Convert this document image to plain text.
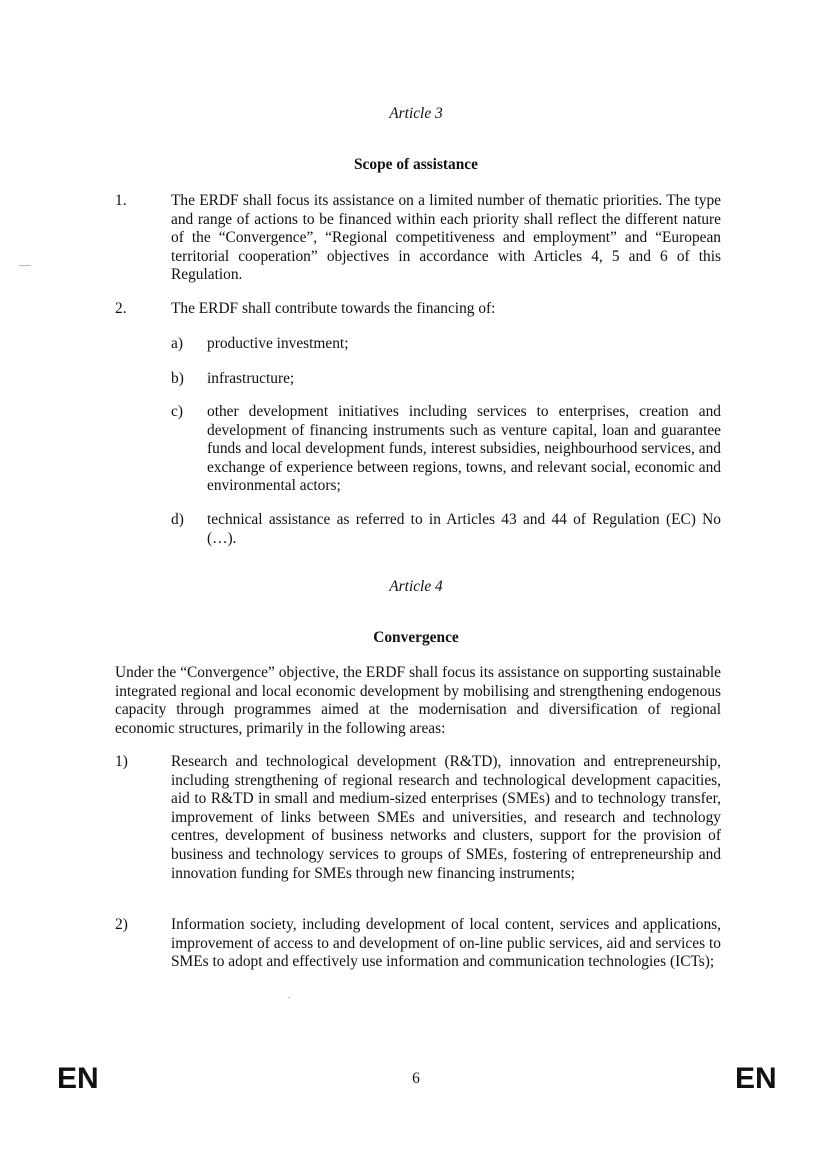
Article 3
Scope of assistance
1.	The ERDF shall focus its assistance on a limited number of thematic priorities. The type and range of actions to be financed within each priority shall reflect the different nature of the “Convergence”, “Regional competitiveness and employment” and “European territorial cooperation” objectives in accordance with Articles 4, 5 and 6 of this Regulation.
2.	The ERDF shall contribute towards the financing of:
a) productive investment;
b) infrastructure;
c) other development initiatives including services to enterprises, creation and development of financing instruments such as venture capital, loan and guarantee funds and local development funds, interest subsidies, neighbourhood services, and exchange of experience between regions, towns, and relevant social, economic and environmental actors;
d) technical assistance as referred to in Articles 43 and 44 of Regulation (EC) No (…).
Article 4
Convergence
Under the “Convergence” objective, the ERDF shall focus its assistance on supporting sustainable integrated regional and local economic development by mobilising and strengthening endogenous capacity through programmes aimed at the modernisation and diversification of regional economic structures, primarily in the following areas:
1)	Research and technological development (R&TD), innovation and entrepreneurship, including strengthening of regional research and technological development capacities, aid to R&TD in small and medium-sized enterprises (SMEs) and to technology transfer, improvement of links between SMEs and universities, and research and technology centres, development of business networks and clusters, support for the provision of business and technology services to groups of SMEs, fostering of entrepreneurship and innovation funding for SMEs through new financing instruments;
2)	Information society, including development of local content, services and applications, improvement of access to and development of on-line public services, aid and services to SMEs to adopt and effectively use information and communication technologies (ICTs);
EN	6	EN
